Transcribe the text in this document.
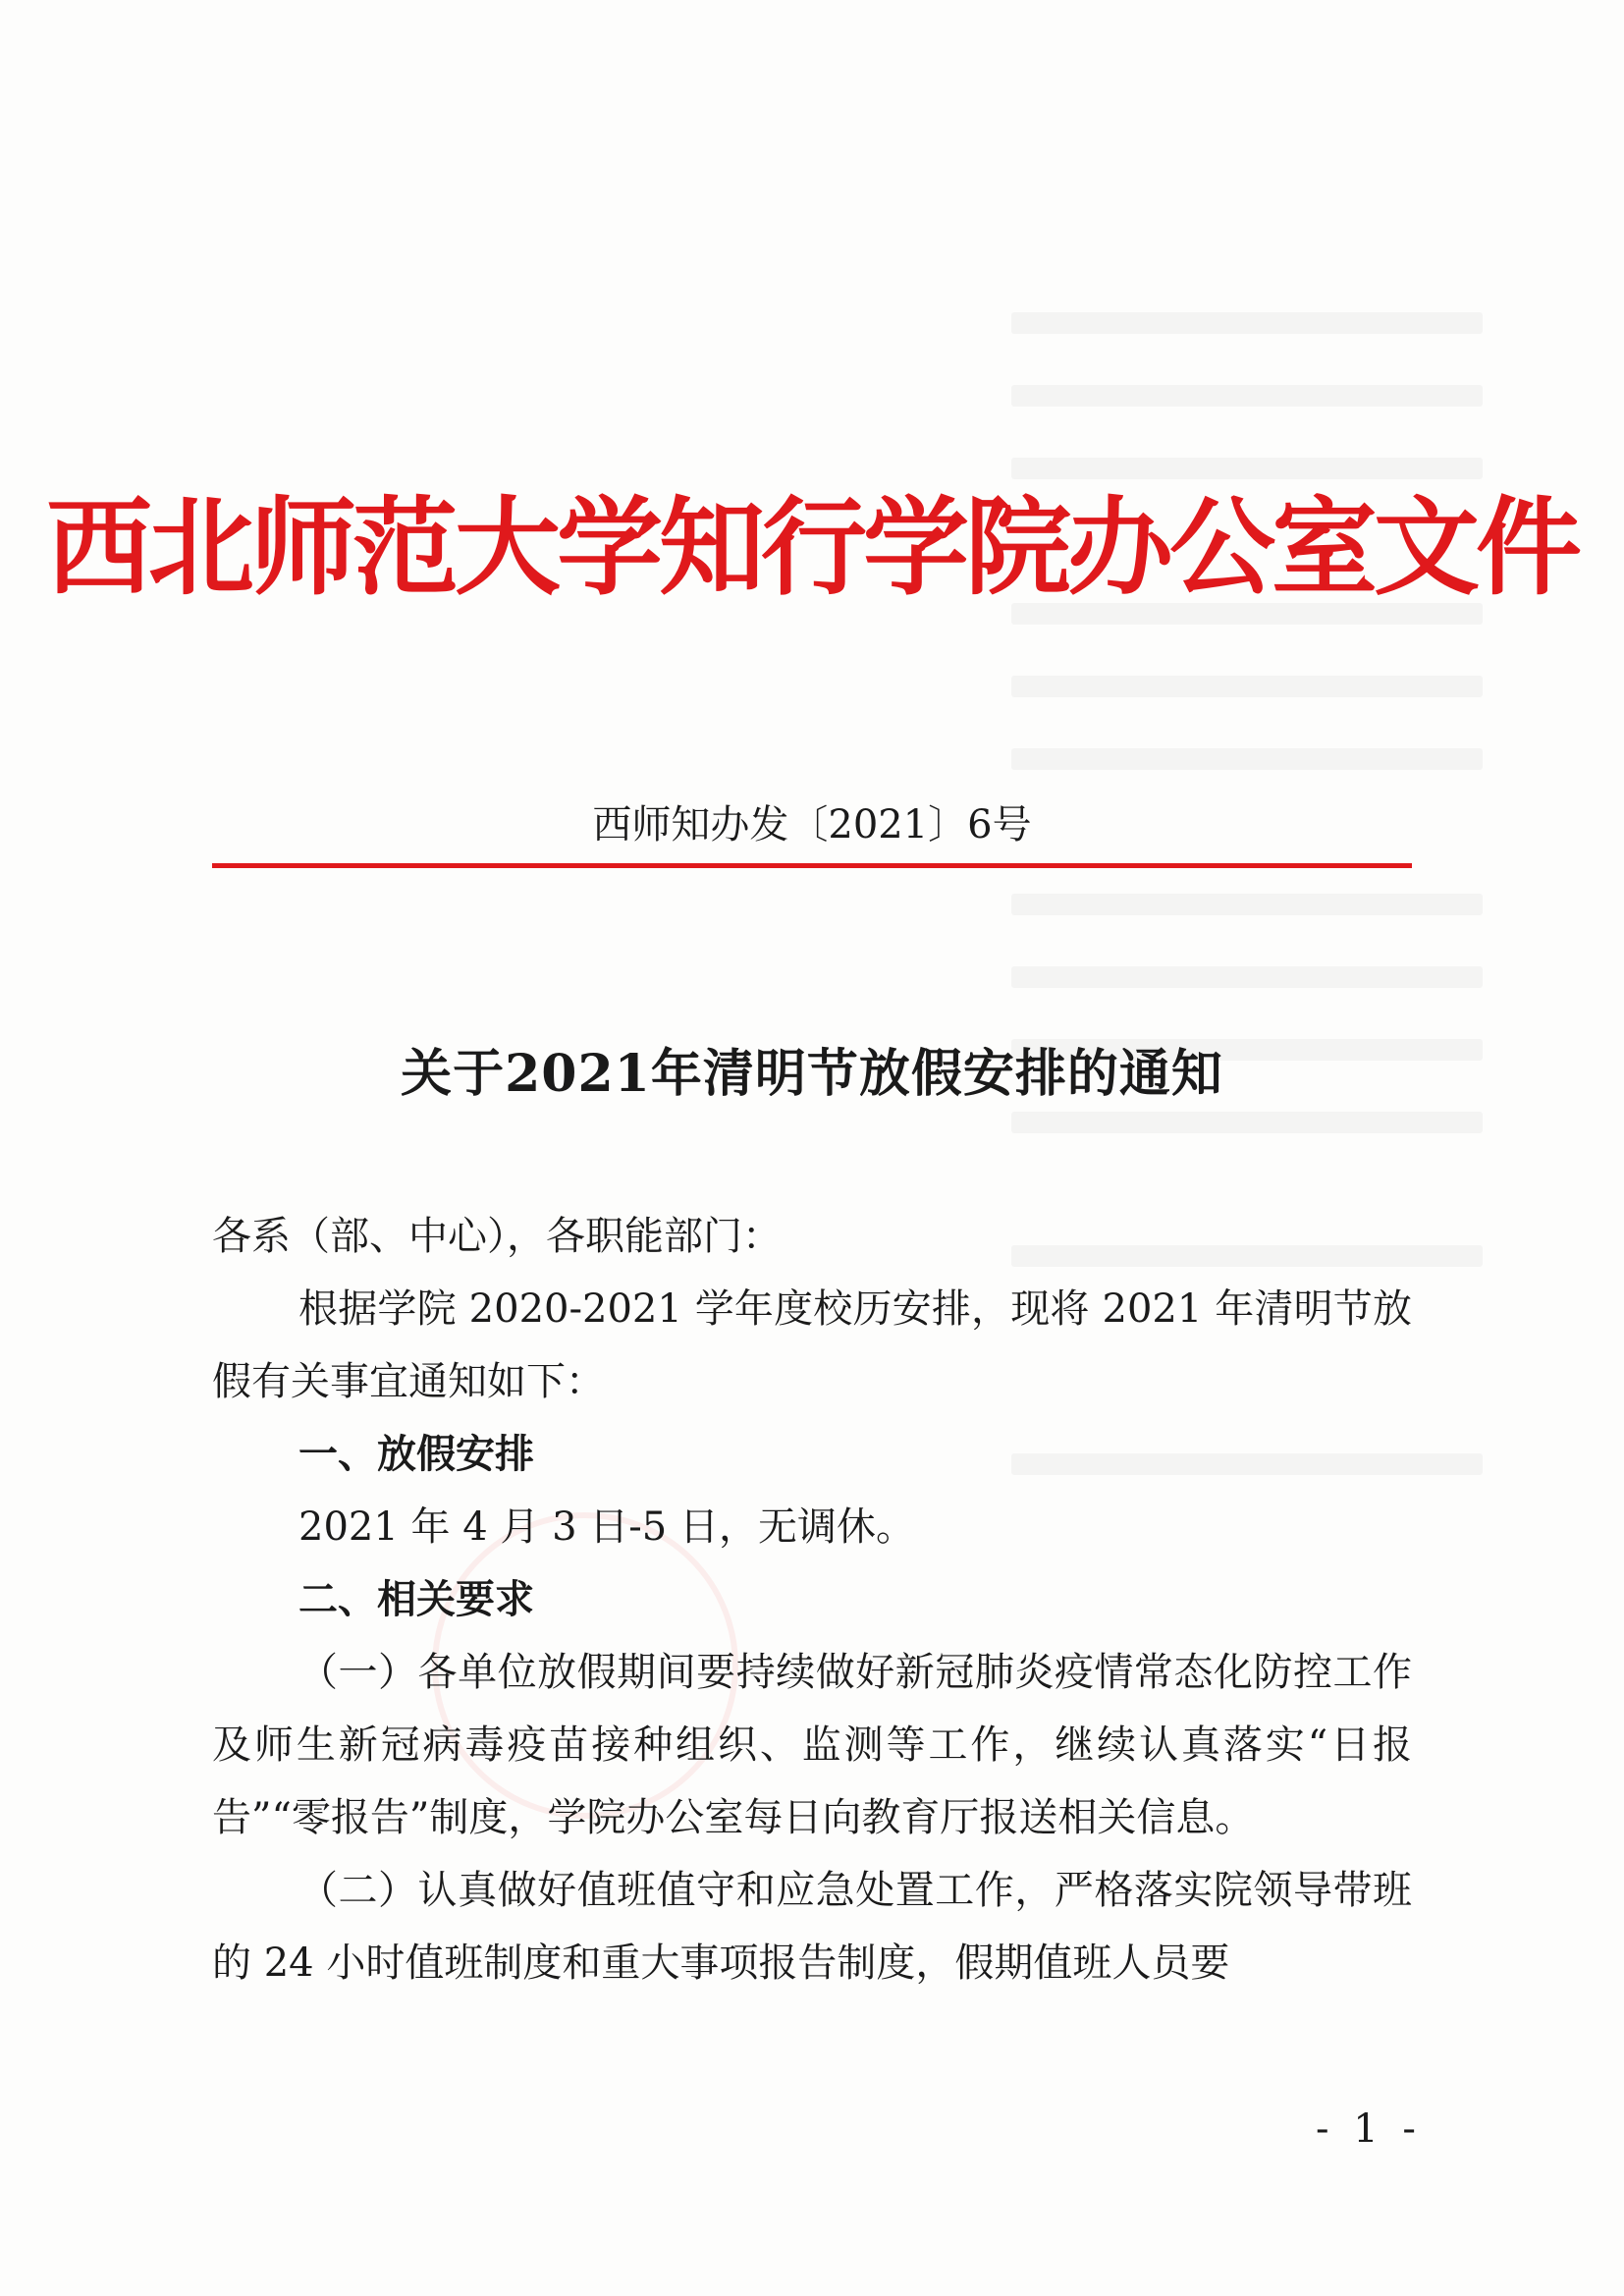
西北师范大学知行学院办公室文件
西师知办发〔2021〕6号
关于2021年清明节放假安排的通知

各系（部、中心），各职能部门：

根据学院 2020-2021 学年度校历安排，现将 2021 年清明节放假有关事宜通知如下：

一、放假安排

2021 年 4 月 3 日-5 日，无调休。

二、相关要求

（一）各单位放假期间要持续做好新冠肺炎疫情常态化防控工作及师生新冠病毒疫苗接种组织、监测等工作，继续认真落实“日报告”“零报告”制度，学院办公室每日向教育厅报送相关信息。

（二）认真做好值班值守和应急处置工作，严格落实院领导带班的 24 小时值班制度和重大事项报告制度，假期值班人员要

- 1 -
